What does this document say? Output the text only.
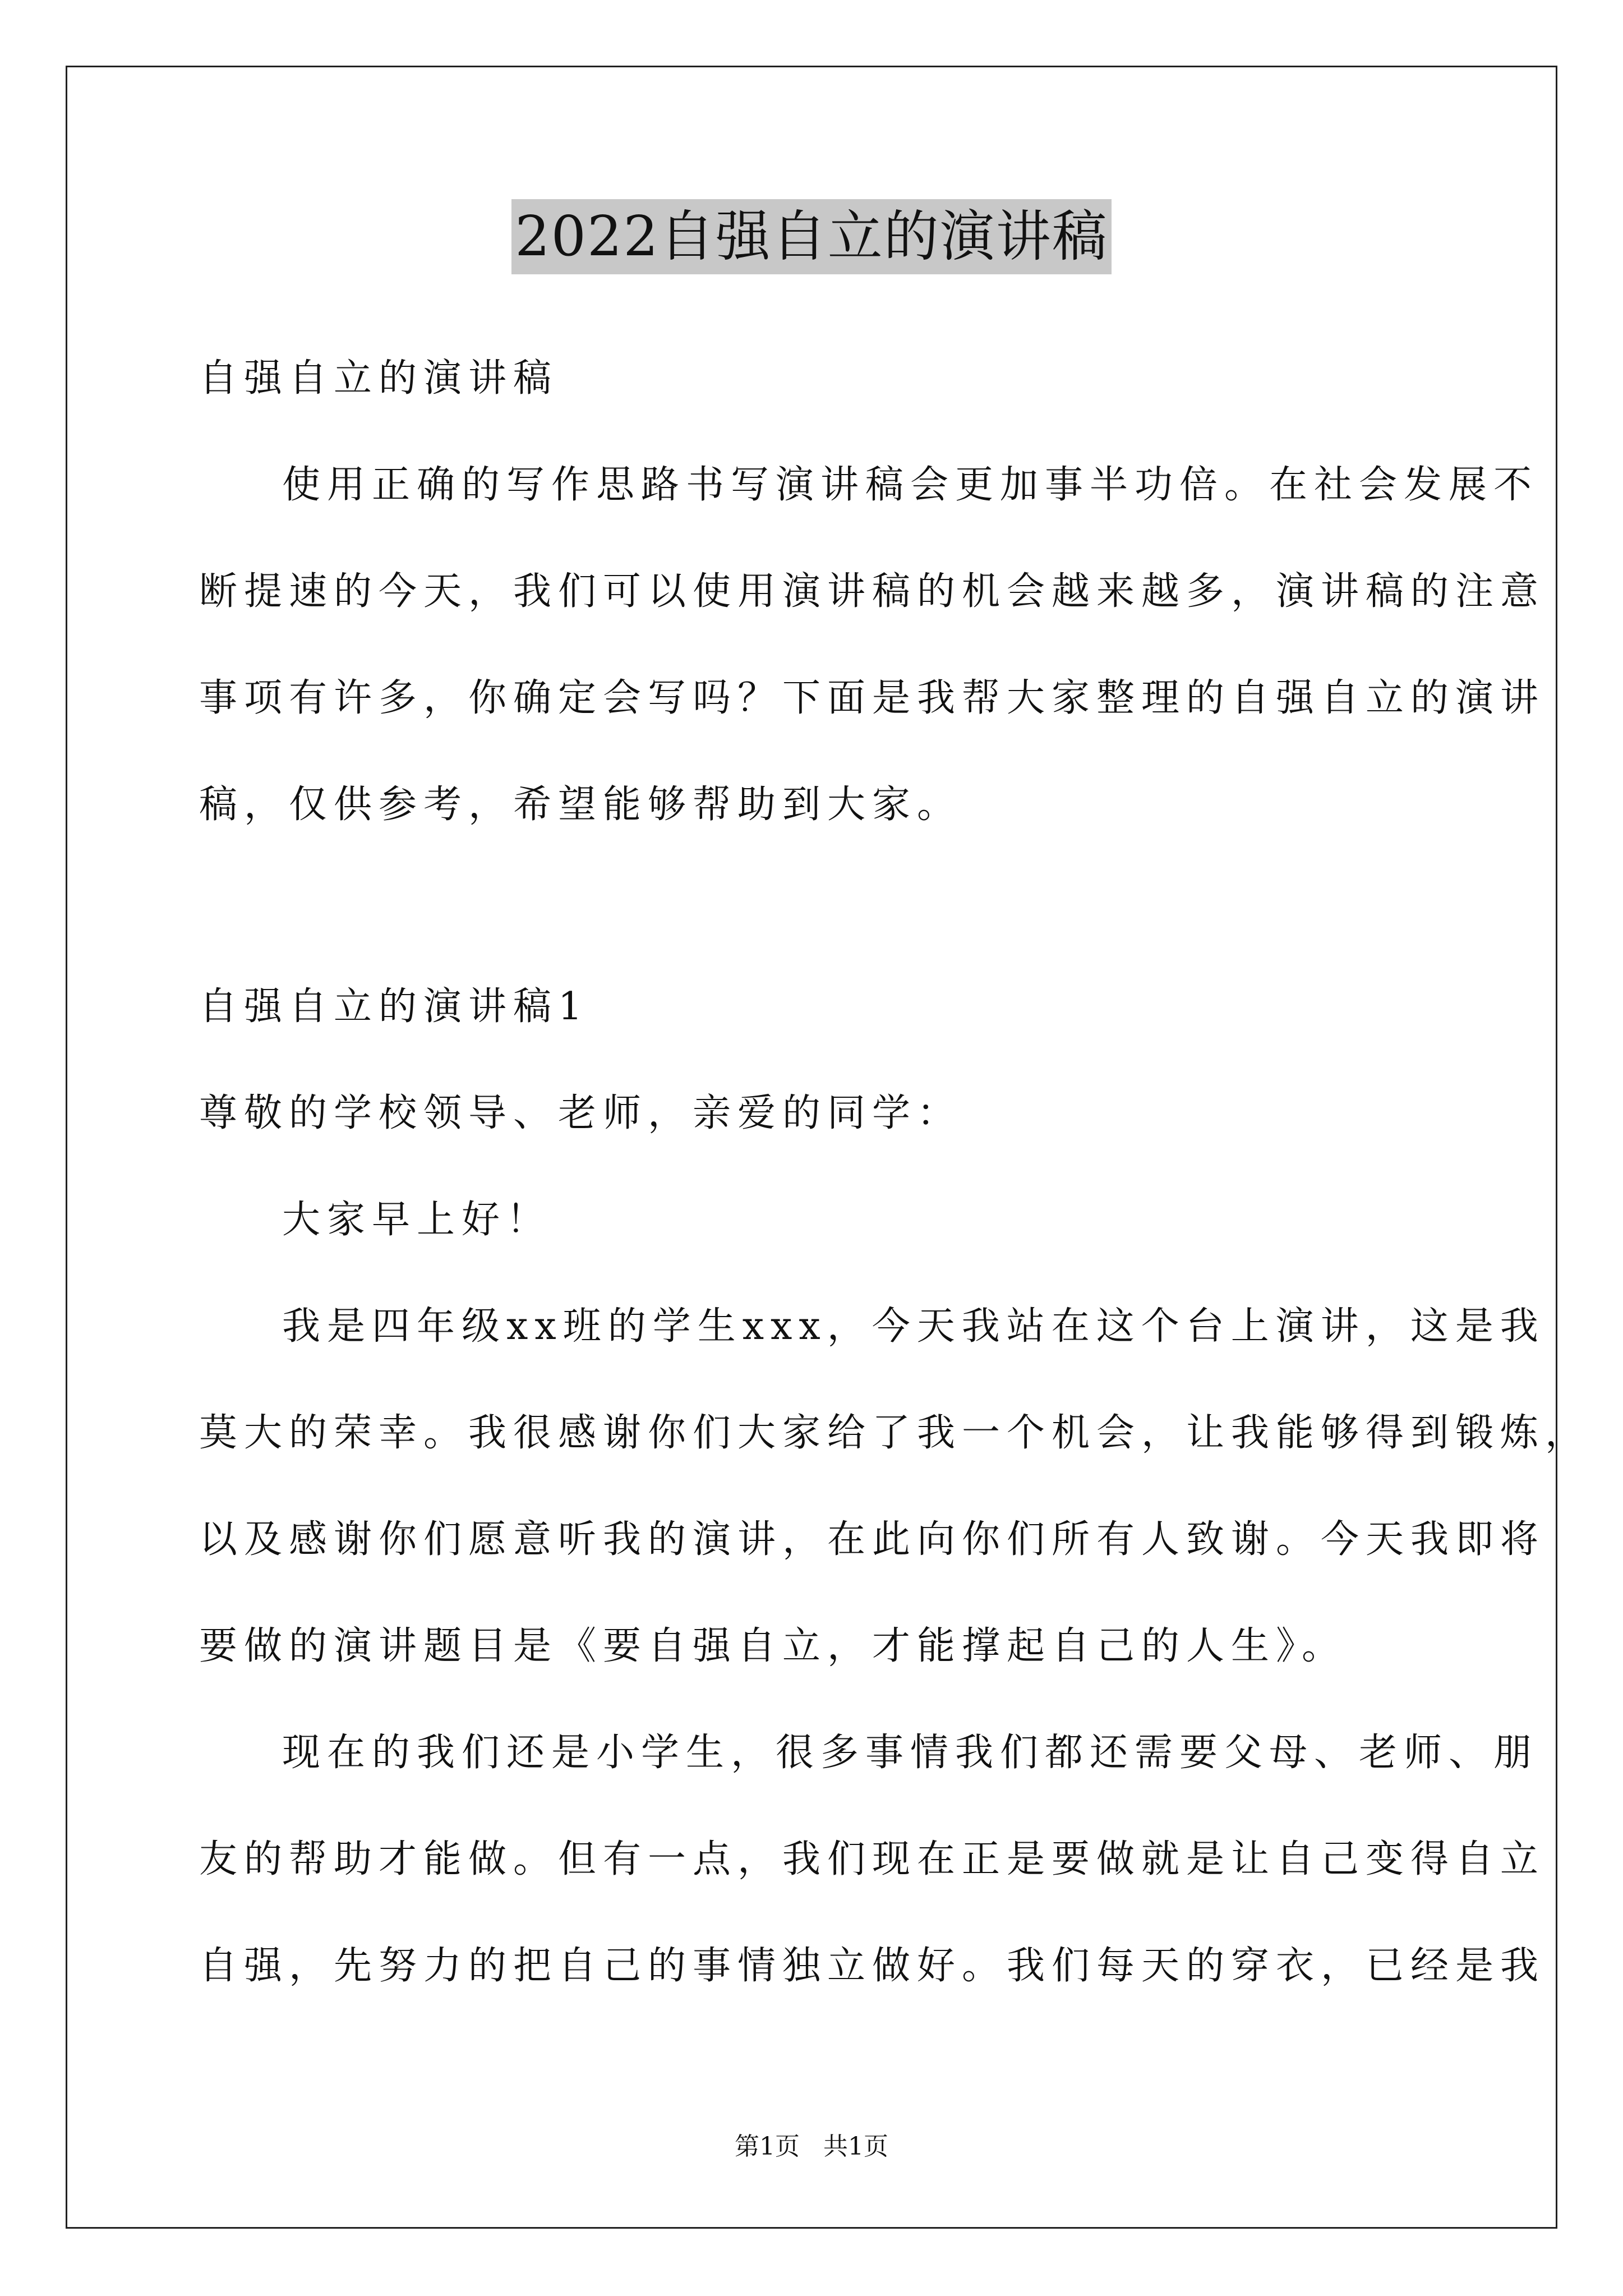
2022自强自立的演讲稿
自强自立的演讲稿
使用正确的写作思路书写演讲稿会更加事半功倍。在社会发展不
断提速的今天，我们可以使用演讲稿的机会越来越多，演讲稿的注意
事项有许多，你确定会写吗？下面是我帮大家整理的自强自立的演讲
稿，仅供参考，希望能够帮助到大家。
自强自立的演讲稿1
尊敬的学校领导、老师，亲爱的同学：
大家早上好！
我是四年级xx班的学生xxx，今天我站在这个台上演讲，这是我
莫大的荣幸。我很感谢你们大家给了我一个机会，让我能够得到锻炼，
以及感谢你们愿意听我的演讲，在此向你们所有人致谢。今天我即将
要做的演讲题目是《要自强自立，才能撑起自己的人生》。
现在的我们还是小学生，很多事情我们都还需要父母、老师、朋
友的帮助才能做。但有一点，我们现在正是要做就是让自己变得自立
自强，先努力的把自己的事情独立做好。我们每天的穿衣，已经是我
第1页   共1页
